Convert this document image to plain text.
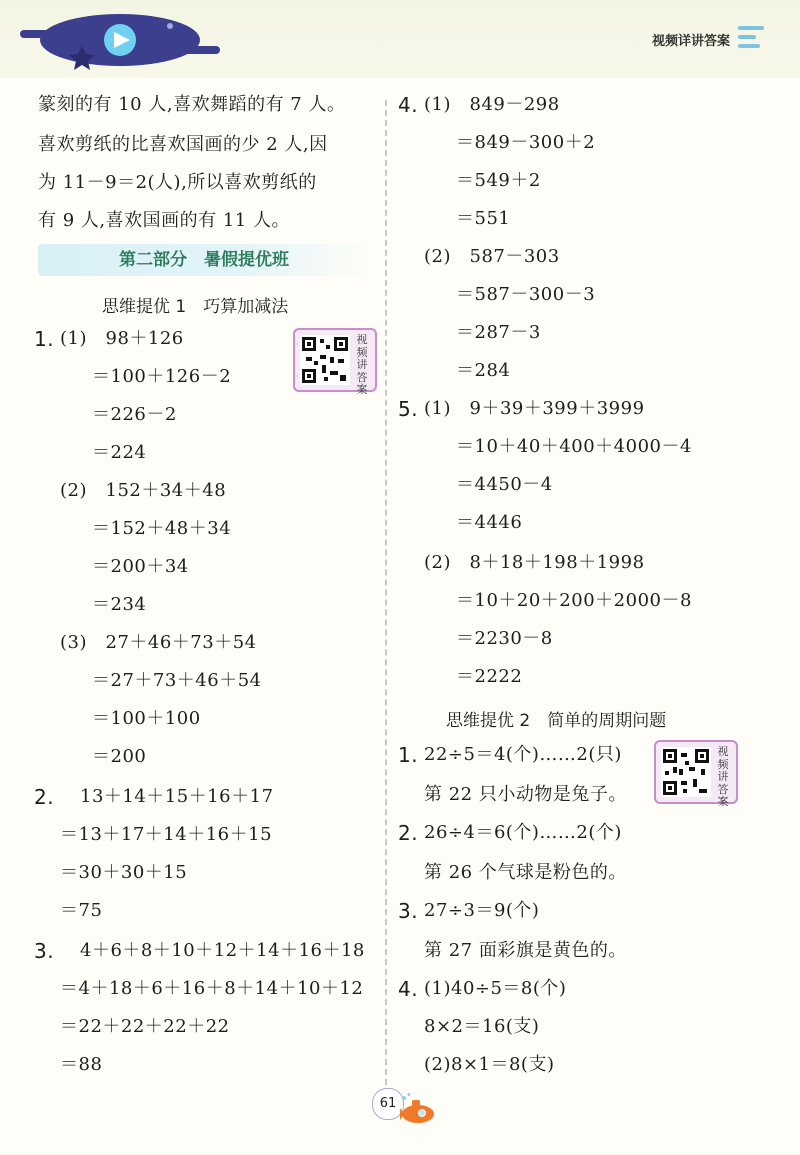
视频详讲答案
篆刻的有 10 人,喜欢舞蹈的有 7 人。
喜欢剪纸的比喜欢国画的少 2 人,因
为 11－9＝2(人),所以喜欢剪纸的
有 9 人,喜欢国画的有 11 人。
第二部分　暑假提优班
思维提优 1　巧算加减法
1. (1)　98＋126
＝100＋126－2
＝226－2
＝224
视频讲答案
(2)　152＋34＋48
＝152＋48＋34
＝200＋34
＝234
(3)　27＋46＋73＋54
＝27＋73＋46＋54
＝100＋100
＝200
2. 13＋14＋15＋16＋17
＝13＋17＋14＋16＋15
＝30＋30＋15
＝75
3. 4＋6＋8＋10＋12＋14＋16＋18
＝4＋18＋6＋16＋8＋14＋10＋12
＝22＋22＋22＋22
＝88
4. (1)　849－298
＝849－300＋2
＝549＋2
＝551
(2)　587－303
＝587－300－3
＝287－3
＝284
5. (1)　9＋39＋399＋3999
＝10＋40＋400＋4000－4
＝4450－4
＝4446
(2)　8＋18＋198＋1998
＝10＋20＋200＋2000－8
＝2230－8
＝2222
思维提优 2　简单的周期问题
1. 22÷5＝4(个)……2(只)
第 22 只小动物是兔子。
视频讲答案
2. 26÷4＝6(个)……2(个)
第 26 个气球是粉色的。
3. 27÷3＝9(个)
第 27 面彩旗是黄色的。
4. (1)40÷5＝8(个)
8×2＝16(支)
(2)8×1＝8(支)
61
